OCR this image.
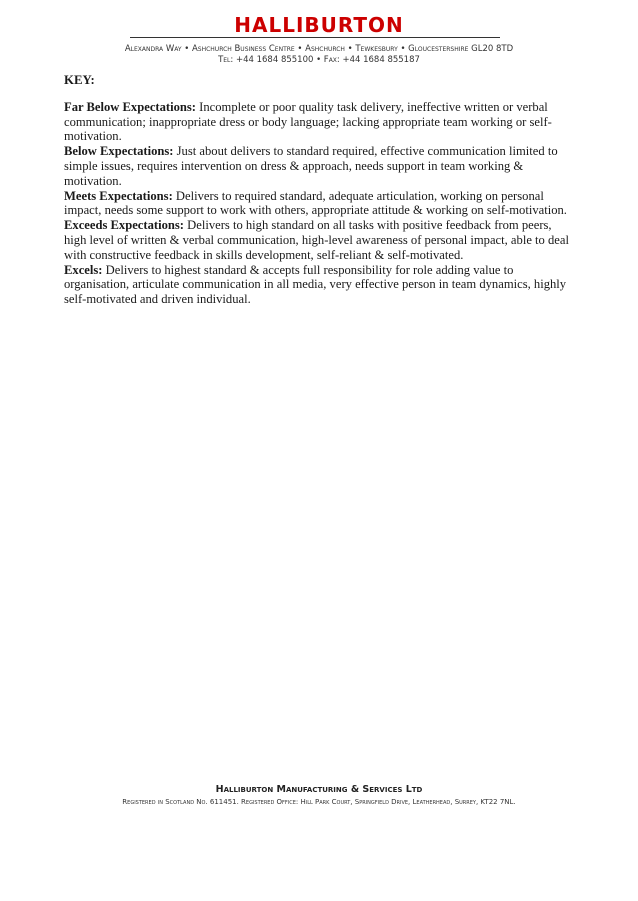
HALLIBURTON
Alexandra Way • Ashchurch Business Centre • Ashchurch • Tewkesbury • Gloucestershire GL20 8TD
Tel: +44 1684 855100 • Fax: +44 1684 855187

KEY:

Far Below Expectations: Incomplete or poor quality task delivery, ineffective written or verbal communication; inappropriate dress or body language; lacking appropriate team working or self-motivation.

Below Expectations: Just about delivers to standard required, effective communication limited to simple issues, requires intervention on dress & approach, needs support in team working & motivation.

Meets Expectations: Delivers to required standard, adequate articulation, working on personal impact, needs some support to work with others, appropriate attitude & working on self-motivation.

Exceeds Expectations: Delivers to high standard on all tasks with positive feedback from peers, high level of written & verbal communication, high-level awareness of personal impact, able to deal with constructive feedback in skills development, self-reliant & self-motivated.

Excels: Delivers to highest standard & accepts full responsibility for role adding value to organisation, articulate communication in all media, very effective person in team dynamics, highly self-motivated and driven individual.

Halliburton Manufacturing & Services Ltd
Registered in Scotland No. 611451. Registered Office: Hill Park Court, Springfield Drive, Leatherhead, Surrey, KT22 7NL.
